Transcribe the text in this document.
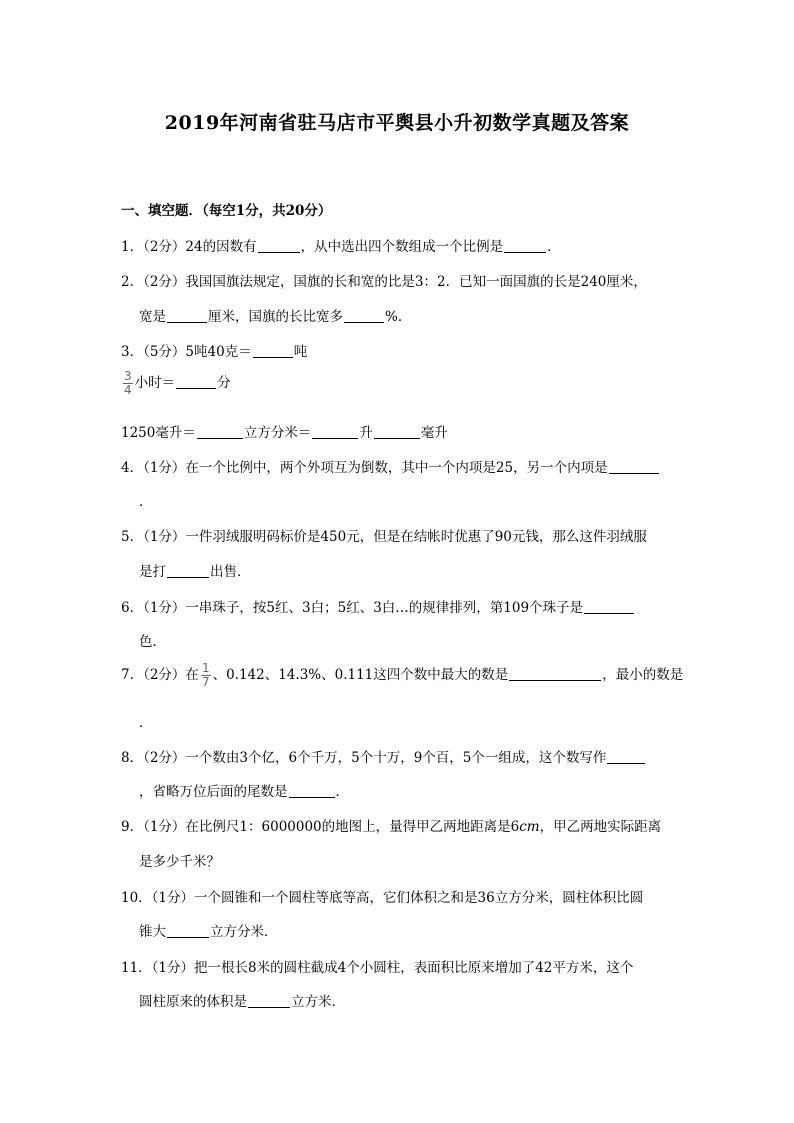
2019年河南省驻马店市平舆县小升初数学真题及答案
一、填空题．（每空1分，共20分）
1．（2分）24的因数有	，从中选出四个数组成一个比例是	．
2．（2分）我国国旗法规定，国旗的长和宽的比是3：2．已知一面国旗的长是240厘米，
宽是	厘米，国旗的长比宽多	%．
3．（5分）5吨40克＝	吨
$\frac{3}{4}$ 小时＝	分
1250毫升＝	立方分米＝	升	毫升
4．（1分）在一个比例中，两个外项互为倒数，其中一个内项是25，另一个内项是
．
5．（1分）一件羽绒服明码标价是450元，但是在结帐时优惠了90元钱，那么这件羽绒服
是打	出售．
6．（1分）一串珠子，按5红、3白；5红、3白…的规律排列，第109个珠子是
色．
7．（2分）在 $\frac{1}{7}$ 、0.142、14.3%、0.111这四个数中最大的数是	，最小的数是
．
8．（2分）一个数由3个亿，6个千万，5个十万，9个百，5个一组成，这个数写作
，省略万位后面的尾数是	．
9．（1分）在比例尺1：6000000的地图上，量得甲乙两地距离是6cm，甲乙两地实际距离
是多少千米？
10．（1分）一个圆锥和一个圆柱等底等高，它们体积之和是36立方分米，圆柱体积比圆
锥大	立方分米．
11．（1分）把一根长8米的圆柱截成4个小圆柱，表面积比原来增加了42平方米，这个
圆柱原来的体积是	立方米．
